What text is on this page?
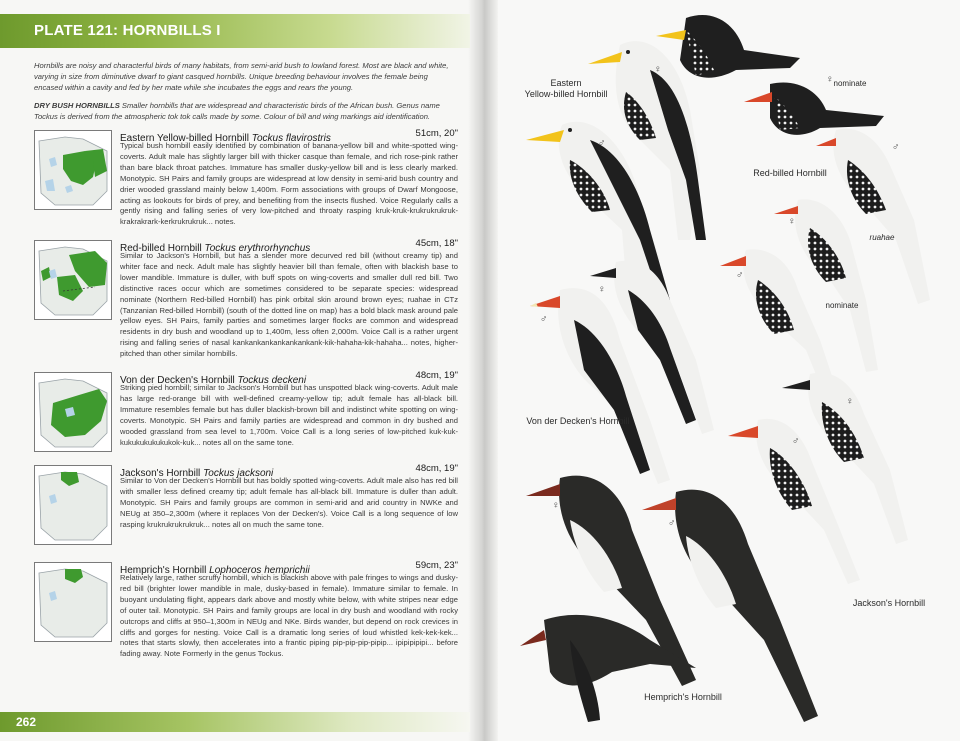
PLATE 121: HORNBILLS I
Hornbills are noisy and characterful birds of many habitats, from semi-arid bush to lowland forest. Most are black and white, varying in size from diminutive dwarf to giant casqued hornbills. Unique breeding behaviour involves the female being encased within a cavity and fed by her mate while she incubates the eggs and rears the young.
DRY BUSH HORNBILLS Smaller hornbills that are widespread and characteristic birds of the African bush. Genus name Tockus is derived from the atmospheric tok tok calls made by some. Colour of bill and wing markings aid identification.
Eastern Yellow-billed Hornbill Tockus flavirostris	51cm, 20"
Typical bush hornbill easily identified by combination of banana-yellow bill and white-spotted wing-coverts. Adult male has slightly larger bill with thicker casque than female, and rich rose-pink rather than bare black throat patches. Immature has smaller dusky-yellow bill and is less clearly marked. Monotypic. SH Pairs and family groups are widespread at low density in semi-arid bush country and drier wooded grassland mainly below 1,400m. Form associations with groups of Dwarf Mongoose, acting as lookouts for birds of prey, and benefiting from the insects flushed. Voice Regularly calls a gently rising and falling series of very low-pitched and throaty rasping kruk-kruk-krukrukrukruk-krakrakrark-kerkrukrukruk... notes.
Red-billed Hornbill Tockus erythrorhynchus	45cm, 18"
Similar to Jackson's Hornbill, but has a slender more decurved red bill (without creamy tip) and whiter face and neck. Adult male has slightly heavier bill than female, often with blackish base to lower mandible. Immature is duller, with buff spots on wing-coverts and smaller dull red bill. Two distinctive races occur which are sometimes considered to be separate species: widespread nominate (Northern Red-billed Hornbill) has pink orbital skin around brown eyes; ruahae in CTz (Tanzanian Red-billed Hornbill) (south of the dotted line on map) has a bold black mask around pale yellow eyes. SH Pairs, family parties and sometimes larger flocks are common and widespread residents in dry bush and woodland up to 1,400m, less often 2,000m. Voice Call is a rather urgent rising and falling series of nasal kankankankankankankank-kik-hahaha-kik-hahaha... notes, higher-pitched than other similar hornbills.
Von der Decken's Hornbill Tockus deckeni	48cm, 19"
Striking pied hornbill; similar to Jackson's Hornbill but has unspotted black wing-coverts. Adult male has large red-orange bill with well-defined creamy-yellow tip; adult female has all-black bill. Immature resembles female but has duller blackish-brown bill and indistinct white spotting on wing-coverts. Monotypic. SH Pairs and family parties are widespread and common in dry bushed and wooded grassland from sea level to 1,700m. Voice Call is a long series of low-pitched kuk-kuk-kukukukukukukok-kuk... notes all on the same tone.
Jackson's Hornbill Tockus jacksoni	48cm, 19"
Similar to Von der Decken's Hornbill but has boldly spotted wing-coverts. Adult male also has red bill with smaller less defined creamy tip; adult female has all-black bill. Immature is duller than adult. Monotypic. SH Pairs and family groups are common in semi-arid and arid country in NWKe and NEUg at 350–2,300m (where it replaces Von der Decken's). Voice Call is a long sequence of low rasping krukrukrukrukruk... notes all on much the same tone.
Hemprich's Hornbill Lophoceros hemprichii	59cm, 23"
Relatively large, rather scruffy hornbill, which is blackish above with pale fringes to wings and dusky-red bill (brighter lower mandible in male, dusky-based in female). Immature similar to female. In buoyant undulating flight, appears dark above and mostly white below, with white stripes near edge of outer tail. Monotypic. SH Pairs and family groups are local in dry bush and woodland with rocky outcrops and cliffs at 950–1,300m in NEUg and NKe. Birds wander, but depend on rock crevices in cliffs and gorges for nesting. Voice Call is a dramatic long series of loud whistled kek-kek-kek... notes that starts slowly, then accelerates into a frantic piping pip-pip-pip-pipip... ipipipipipi... before fading away. Note Formerly in the genus Tockus.
262
Eastern
Yellow-billed Hornbill
Red-billed Hornbill
nominate
ruahae
nominate
Von der Decken's Hornbill
Jackson's Hornbill
Hemprich's Hornbill
♀
♂
♀
♂
♀
♂
♀
♂
♀
♂
♀
♂
